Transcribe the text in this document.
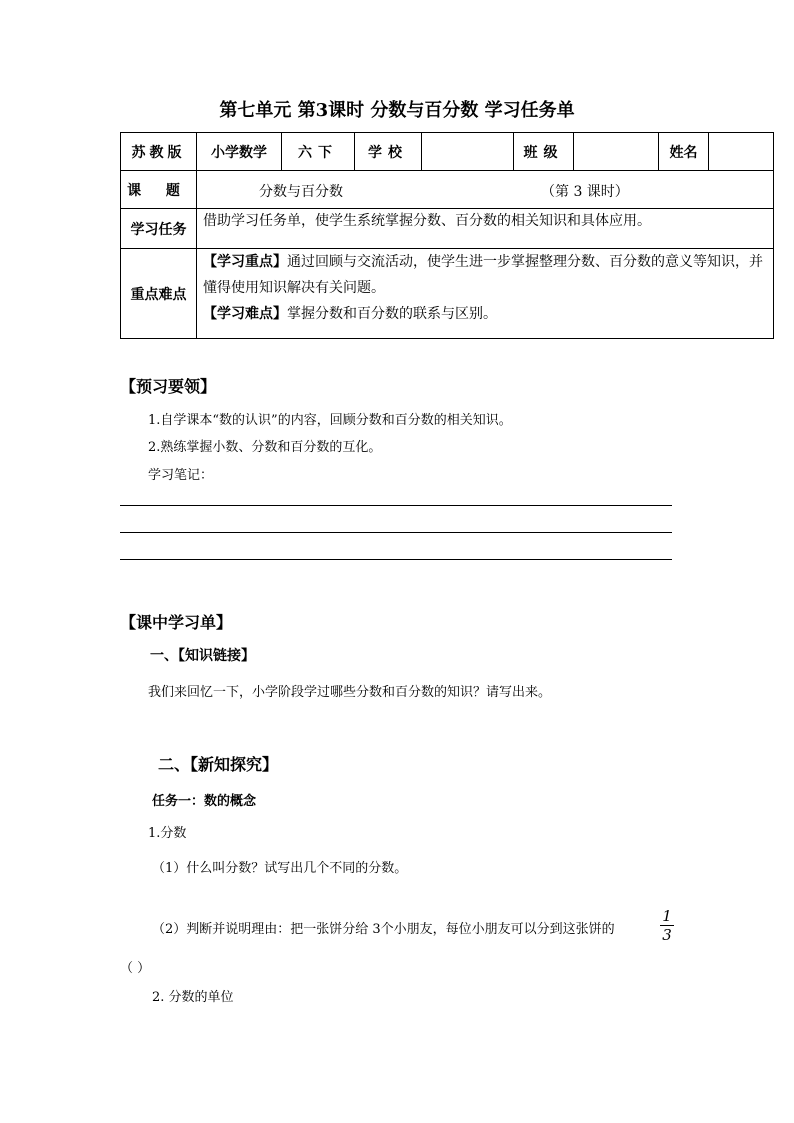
第七单元 第3课时 分数与百分数 学习任务单
苏教版	小学数学	六下	学校		班级		姓名	
课 题	分数与百分数 （第 3 课时）							

学习任务	借助学习任务单，使学生系统掌握分数、百分数的相关知识和具体应用。							
重点难点	【学习重点】通过回顾与交流活动，使学生进一步掌握整理分数、百分数的意义等知识，并懂得使用知识解决有关问题。
【学习难点】掌握分数和百分数的联系与区别。							
【预习要领】
1.自学课本“数的认识”的内容，回顾分数和百分数的相关知识。
2.熟练掌握小数、分数和百分数的互化。
学习笔记：
【课中学习单】
一、【知识链接】
我们来回忆一下，小学阶段学过哪些分数和百分数的知识？请写出来。
二、【新知探究】
任务一：数的概念
1.分数
（1）什么叫分数？试写出几个不同的分数。
（2）判断并说明理由：把一张饼分给 3个小朋友，每位小朋友可以分到这张饼的
1
3
（ ）
2. 分数的单位
